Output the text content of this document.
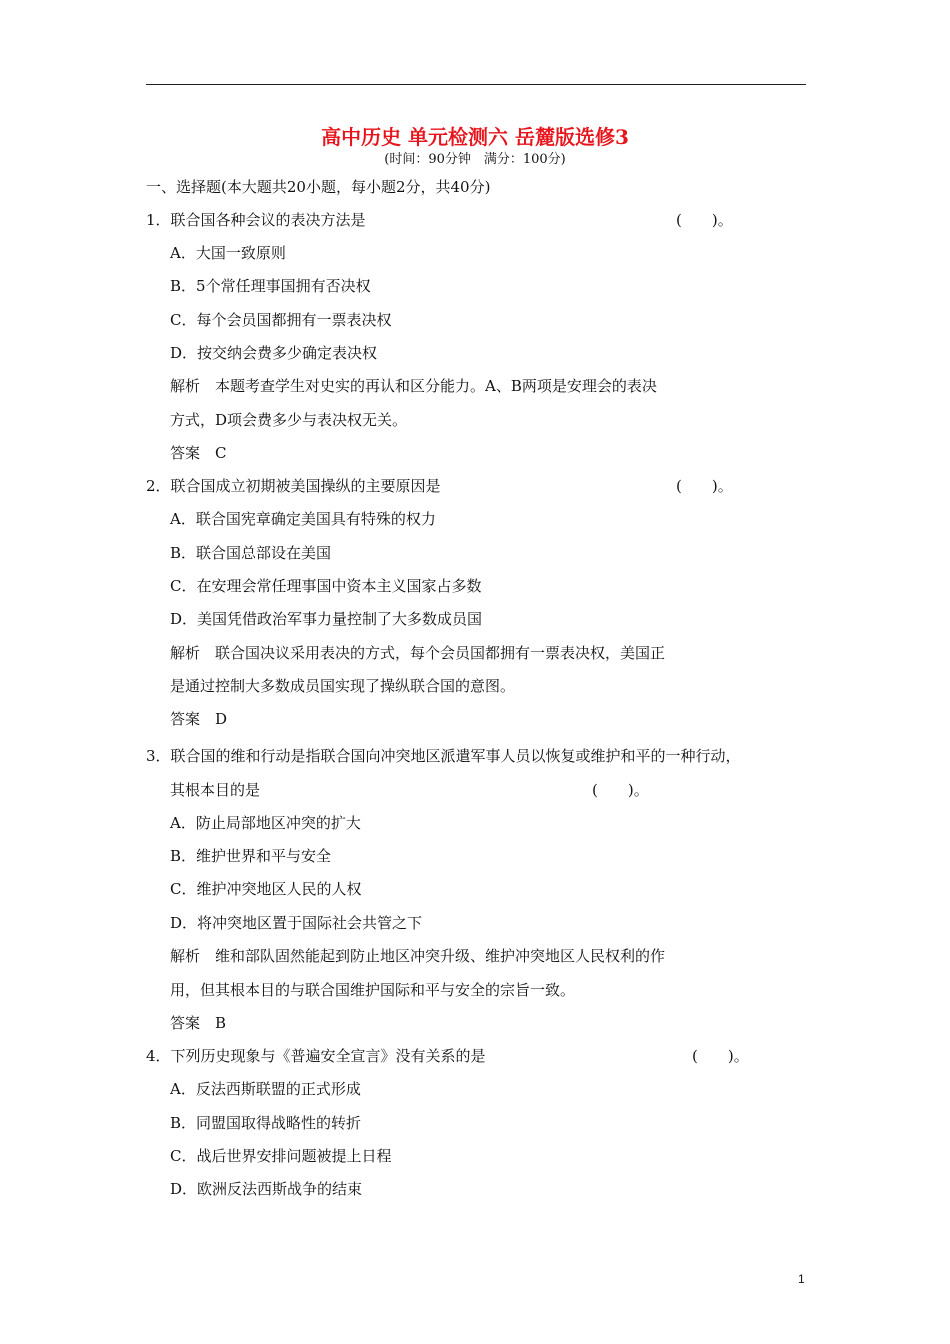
高中历史 单元检测六 岳麓版选修3
(时间：90分钟　满分：100分)
一、选择题(本大题共20小题，每小题2分，共40分)
1．联合国各种会议的表决方法是	(　　)。
A．大国一致原则
B．5个常任理事国拥有否决权
C．每个会员国都拥有一票表决权
D．按交纳会费多少确定表决权
解析　本题考查学生对史实的再认和区分能力。A、B两项是安理会的表决
方式，D项会费多少与表决权无关。
答案　C
2．联合国成立初期被美国操纵的主要原因是	(　　)。
A．联合国宪章确定美国具有特殊的权力
B．联合国总部设在美国
C．在安理会常任理事国中资本主义国家占多数
D．美国凭借政治军事力量控制了大多数成员国
解析　联合国决议采用表决的方式，每个会员国都拥有一票表决权，美国正
是通过控制大多数成员国实现了操纵联合国的意图。
答案　D
3．联合国的维和行动是指联合国向冲突地区派遣军事人员以恢复或维护和平的一种行动，
其根本目的是	(　　)。
A．防止局部地区冲突的扩大
B．维护世界和平与安全
C．维护冲突地区人民的人权
D．将冲突地区置于国际社会共管之下
解析　维和部队固然能起到防止地区冲突升级、维护冲突地区人民权利的作
用，但其根本目的与联合国维护国际和平与安全的宗旨一致。
答案　B
4．下列历史现象与《普遍安全宣言》没有关系的是	(　　)。
A．反法西斯联盟的正式形成
B．同盟国取得战略性的转折
C．战后世界安排问题被提上日程
D．欧洲反法西斯战争的结束
1
